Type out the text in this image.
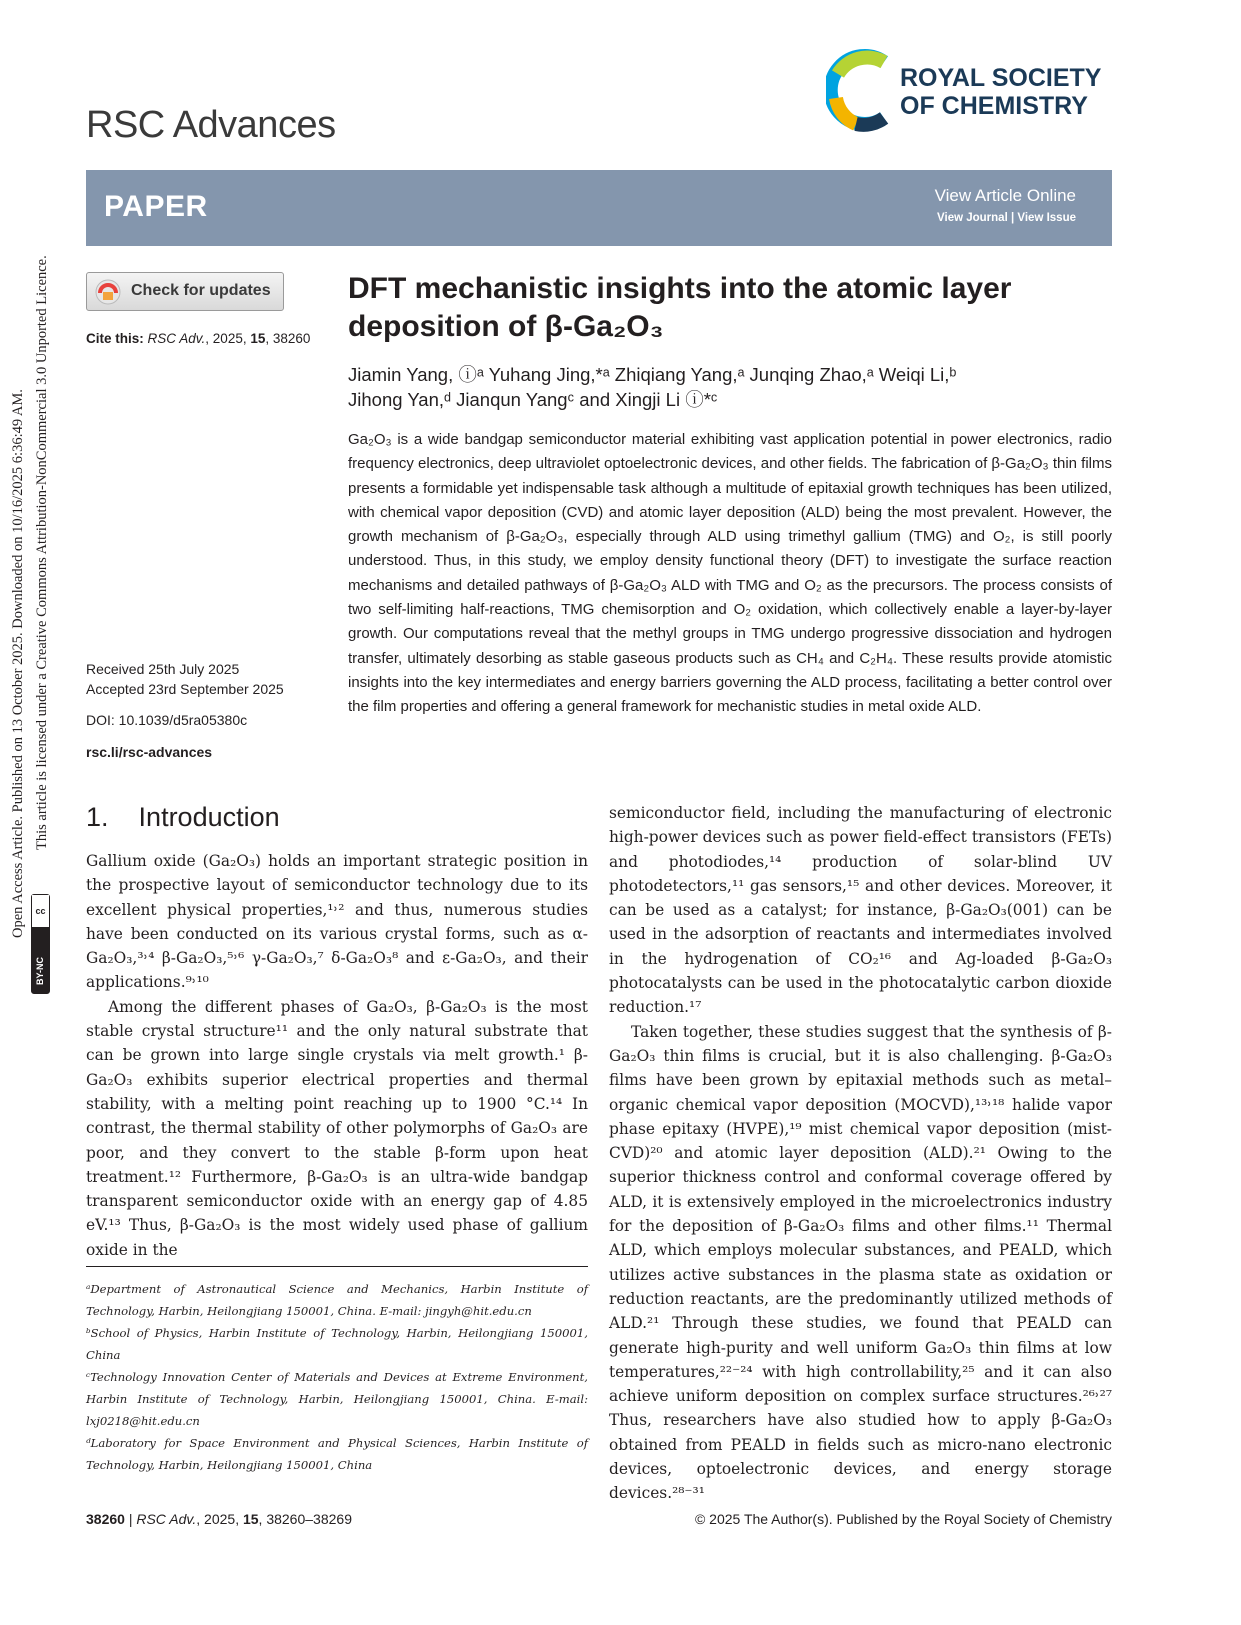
Open Access Article. Published on 13 October 2025. Downloaded on 10/16/2025 6:36:49 AM. This article is licensed under a Creative Commons Attribution-NonCommercial 3.0 Unported Licence.
cc
BY-NC
RSC Advances
ROYAL SOCIETY
OF CHEMISTRY
PAPER	View Article Online
View Journal | View Issue
Check for updates
Cite this: RSC Adv., 2025, 15, 38260
Received 25th July 2025
Accepted 23rd September 2025
DOI: 10.1039/d5ra05380c
rsc.li/rsc-advances
DFT mechanistic insights into the atomic layer
deposition of β-Ga₂O₃
Jiamin Yang, ⓘᵃ Yuhang Jing,*ᵃ Zhiqiang Yang,ᵃ Junqing Zhao,ᵃ Weiqi Li,ᵇ
Jihong Yan,ᵈ Jianqun Yangᶜ and Xingji Li ⓘ*ᶜ
Ga₂O₃ is a wide bandgap semiconductor material exhibiting vast application potential in power electronics, radio frequency electronics, deep ultraviolet optoelectronic devices, and other fields. The fabrication of β-Ga₂O₃ thin films presents a formidable yet indispensable task although a multitude of epitaxial growth techniques has been utilized, with chemical vapor deposition (CVD) and atomic layer deposition (ALD) being the most prevalent. However, the growth mechanism of β-Ga₂O₃, especially through ALD using trimethyl gallium (TMG) and O₂, is still poorly understood. Thus, in this study, we employ density functional theory (DFT) to investigate the surface reaction mechanisms and detailed pathways of β-Ga₂O₃ ALD with TMG and O₂ as the precursors. The process consists of two self-limiting half-reactions, TMG chemisorption and O₂ oxidation, which collectively enable a layer-by-layer growth. Our computations reveal that the methyl groups in TMG undergo progressive dissociation and hydrogen transfer, ultimately desorbing as stable gaseous products such as CH₄ and C₂H₄. These results provide atomistic insights into the key intermediates and energy barriers governing the ALD process, facilitating a better control over the film properties and offering a general framework for mechanistic studies in metal oxide ALD.
1. Introduction

Gallium oxide (Ga₂O₃) holds an important strategic position in the prospective layout of semiconductor technology due to its excellent physical properties,¹˒² and thus, numerous studies have been conducted on its various crystal forms, such as α-Ga₂O₃,³˒⁴ β-Ga₂O₃,⁵˒⁶ γ-Ga₂O₃,⁷ δ-Ga₂O₃⁸ and ε-Ga₂O₃, and their applications.⁹˒¹⁰

Among the different phases of Ga₂O₃, β-Ga₂O₃ is the most stable crystal structure¹¹ and the only natural substrate that can be grown into large single crystals via melt growth.¹ β-Ga₂O₃ exhibits superior electrical properties and thermal stability, with a melting point reaching up to 1900 °C.¹⁴ In contrast, the thermal stability of other polymorphs of Ga₂O₃ are poor, and they convert to the stable β-form upon heat treatment.¹² Furthermore, β-Ga₂O₃ is an ultra-wide bandgap transparent semiconductor oxide with an energy gap of 4.85 eV.¹³ Thus, β-Ga₂O₃ is the most widely used phase of gallium oxide in the

semiconductor field, including the manufacturing of electronic high-power devices such as power field-effect transistors (FETs) and photodiodes,¹⁴ production of solar-blind UV photodetectors,¹¹ gas sensors,¹⁵ and other devices. Moreover, it can be used as a catalyst; for instance, β-Ga₂O₃(001) can be used in the adsorption of reactants and intermediates involved in the hydrogenation of CO₂¹⁶ and Ag-loaded β-Ga₂O₃ photocatalysts can be used in the photocatalytic carbon dioxide reduction.¹⁷

Taken together, these studies suggest that the synthesis of β-Ga₂O₃ thin films is crucial, but it is also challenging. β-Ga₂O₃ films have been grown by epitaxial methods such as metal–organic chemical vapor deposition (MOCVD),¹³˒¹⁸ halide vapor phase epitaxy (HVPE),¹⁹ mist chemical vapor deposition (mist-CVD)²⁰ and atomic layer deposition (ALD).²¹ Owing to the superior thickness control and conformal coverage offered by ALD, it is extensively employed in the microelectronics industry for the deposition of β-Ga₂O₃ films and other films.¹¹ Thermal ALD, which employs molecular substances, and PEALD, which utilizes active substances in the plasma state as oxidation or reduction reactants, are the predominantly utilized methods of ALD.²¹ Through these studies, we found that PEALD can generate high-purity and well uniform Ga₂O₃ thin films at low temperatures,²²⁻²⁴ with high controllability,²⁵ and it can also achieve uniform deposition on complex surface structures.²⁶˒²⁷ Thus, researchers have also studied how to apply β-Ga₂O₃ obtained from PEALD in fields such as micro-nano electronic devices, optoelectronic devices, and energy storage devices.²⁸⁻³¹

ᵃDepartment of Astronautical Science and Mechanics, Harbin Institute of Technology, Harbin, Heilongjiang 150001, China. E-mail: jingyh@hit.edu.cn

ᵇSchool of Physics, Harbin Institute of Technology, Harbin, Heilongjiang 150001, China

ᶜTechnology Innovation Center of Materials and Devices at Extreme Environment, Harbin Institute of Technology, Harbin, Heilongjiang 150001, China. E-mail: lxj0218@hit.edu.cn

ᵈLaboratory for Space Environment and Physical Sciences, Harbin Institute of Technology, Harbin, Heilongjiang 150001, China

38260 | RSC Adv., 2025, 15, 38260–38269	© 2025 The Author(s). Published by the Royal Society of Chemistry
